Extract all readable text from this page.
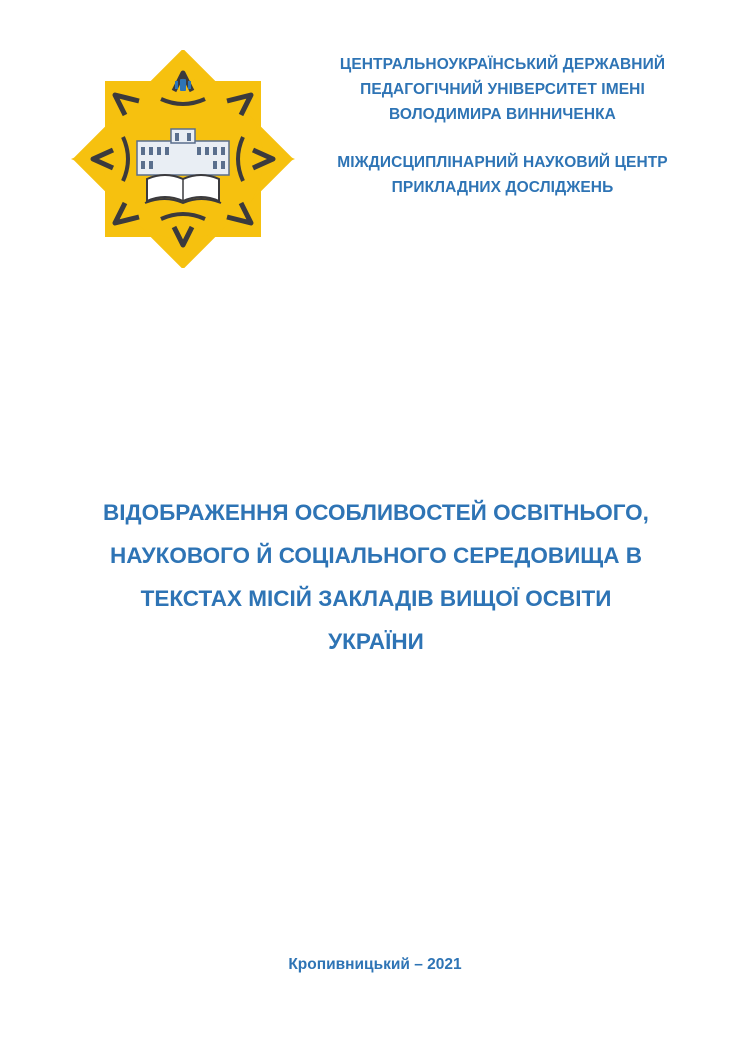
ЦЕНТРАЛЬНОУКРАЇНСЬКИЙ ДЕРЖАВНИЙ
ПЕДАГОГІЧНИЙ УНІВЕРСИТЕТ ІМЕНІ
ВОЛОДИМИРА ВИННИЧЕНКА
МІЖДИСЦИПЛІНАРНИЙ НАУКОВИЙ ЦЕНТР
ПРИКЛАДНИХ ДОСЛІДЖЕНЬ
ВІДОБРАЖЕННЯ ОСОБЛИВОСТЕЙ ОСВІТНЬОГО,
НАУКОВОГО Й СОЦІАЛЬНОГО СЕРЕДОВИЩА В
ТЕКСТАХ МІСІЙ ЗАКЛАДІВ ВИЩОЇ ОСВІТИ
УКРАЇНИ
Кропивницький – 2021
